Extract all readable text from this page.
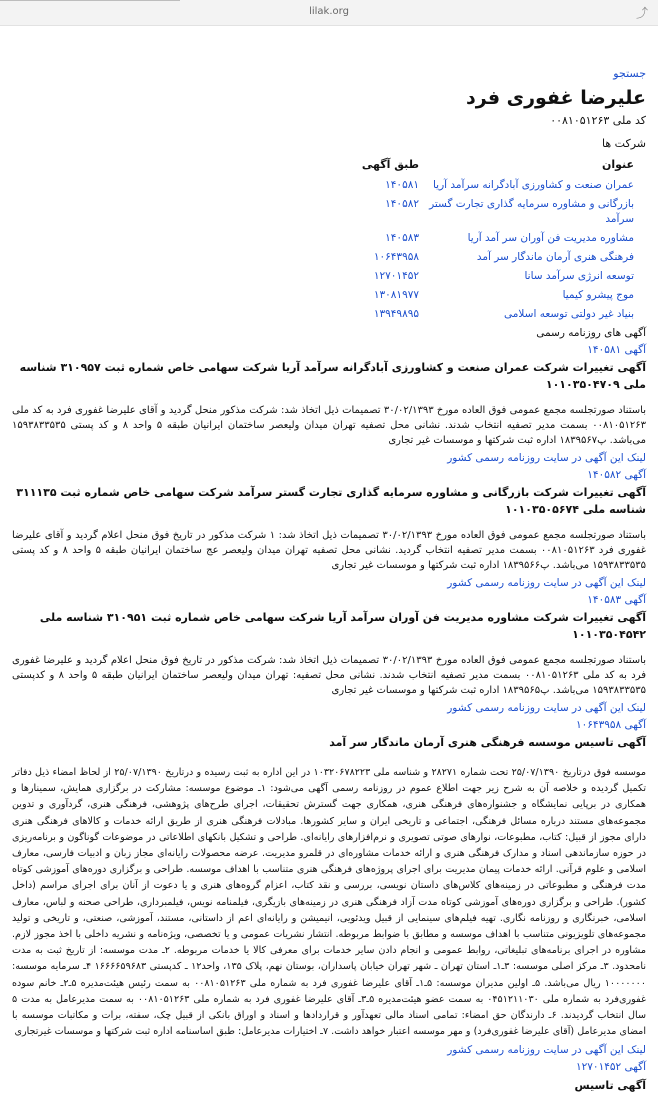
lilak.org	⤴
جستجو
علیرضا غفوری فرد
کد ملی ۰۰۸۱۰۵۱۲۶۳
شرکت ها
عنوان	طبق آگهی
عمران صنعت و کشاورزی آبادگرانه سرآمد آریا	۱۴۰۵۸۱
بازرگانی و مشاوره سرمایه گذاری تجارت گستر سرآمد	۱۴۰۵۸۲
مشاوره مدیریت فن آوران سر آمد آریا	۱۴۰۵۸۳
فرهنگی هنری آرمان ماندگار سر آمد	۱۰۶۴۳۹۵۸
توسعه انرژی سرآمد سانا	۱۲۷۰۱۴۵۲
موج پیشرو کیمیا	۱۳۰۸۱۹۷۷
بنیاد غیر دولتی توسعه اسلامی	۱۳۹۴۹۸۹۵
آگهی های روزنامه رسمی
آگهی ۱۴۰۵۸۱
آگهی تغییرات شرکت عمران صنعت و کشاورزی آبادگرانه سرآمد آریا شرکت سهامی خاص شماره ثبت ۳۱۰۹۵۷ شناسه ملی ۱۰۱۰۳۵۰۴۷۰۹
باستناد صورتجلسه مجمع عمومی فوق العاده مورخ ۳۰/۰۲/۱۳۹۳ تصمیمات ذیل اتخاذ شد: شرکت مذکور منحل گردید و آقای علیرضا غفوری فرد به کد ملی ۰۰۸۱۰۵۱۲۶۳ بسمت مدیر تصفیه انتخاب شدند. نشانی محل تصفیه تهران میدان ولیعصر ساختمان ایرانیان طبقه ۵ واحد ۸ و کد پستی ۱۵۹۳۸۳۳۵۳۵ می‌باشد. پ۱۸۳۹۵۶۷ اداره ثبت شرکتها و موسسات غیر تجاری
لینک این آگهی در سایت روزنامه رسمی کشور
آگهی ۱۴۰۵۸۲
آگهی تغییرات شرکت بازرگانی و مشاوره سرمایه گذاری تجارت گستر سرآمد شرکت سهامی خاص شماره ثبت ۳۱۱۱۳۵ شناسه ملی ۱۰۱۰۳۵۰۵۶۷۴
باستناد صورتجلسه مجمع عمومی فوق العاده مورخ ۳۰/۰۲/۱۳۹۳ تصمیمات ذیل اتخاذ شد: ۱ شرکت مذکور در تاریخ فوق منحل اعلام گردید و آقای علیرضا غفوری فرد ۰۰۸۱۰۵۱۲۶۳ بسمت مدیر تصفیه انتخاب گردید. نشانی محل تصفیه تهران میدان ولیعصر عج ساختمان ایرانیان طبقه ۵ واحد ۸ و کد پستی ۱۵۹۳۸۳۳۵۳۵ می‌باشد. پ۱۸۳۹۵۶۶ اداره ثبت شرکتها و موسسات غیر تجاری
لینک این آگهی در سایت روزنامه رسمی کشور
آگهی ۱۴۰۵۸۳
آگهی تغییرات شرکت مشاوره مدیریت فن آوران سرآمد آریا شرکت سهامی خاص شماره ثبت ۳۱۰۹۵۱ شناسه ملی ۱۰۱۰۳۵۰۴۵۴۲
باستناد صورتجلسه مجمع عمومی فوق العاده مورخ ۳۰/۰۲/۱۳۹۳ تصمیمات ذیل اتخاذ شد: شرکت مذکور در تاریخ فوق منحل اعلام گردید و علیرضا غفوری فرد به کد ملی ۰۰۸۱۰۵۱۲۶۳ بسمت مدیر تصفیه انتخاب شدند. نشانی محل تصفیه: تهران میدان ولیعصر ساختمان ایرانیان طبقه ۵ واحد ۸ و کدپستی ۱۵۹۳۸۳۳۵۳۵ می‌باشد. پ۱۸۳۹۵۶۵ اداره ثبت شرکتها و موسسات غیر تجاری
لینک این آگهی در سایت روزنامه رسمی کشور
آگهی ۱۰۶۴۳۹۵۸
آگهی تاسیس موسسه فرهنگی هنری آرمان ماندگار سر آمد
موسسه فوق درتاریخ ۲۵/۰۷/۱۳۹۰ تحت شماره ۲۸۲۷۱ و شناسه ملی ۱۰۳۲۰۶۷۸۲۲۳ در این اداره به ثبت رسیده و درتاریخ ۲۵/۰۷/۱۳۹۰ از لحاظ امضاء ذیل دفاتر تکمیل گردیده و خلاصه آن به شرح زیر جهت اطلاع عموم در روزنامه رسمی آگهی می‌شود: ۱ـ موضوع موسسه: مشارکت در برگزاری همایش، سمینارها و همکاری در برپایی نمایشگاه و جشنواره‌های فرهنگی هنری، همکاری جهت گسترش تحقیقات، اجرای طرح‌های پژوهشی، فرهنگی هنری، گردآوری و تدوین مجموعه‌های مستند درباره مسائل فرهنگی، اجتماعی و تاریخی ایران و سایر کشورها. مبادلات فرهنگی هنری از طریق ارائه خدمات و کالاهای فرهنگی هنری دارای مجوز از قبیل: کتاب، مطبوعات، نوارهای صوتی تصویری و نرم‌افزارهای رایانه‌ای. طراحی و تشکیل بانکهای اطلاعاتی در موضوعات گوناگون و برنامه‌ریزی در حوزه سازماندهی اسناد و مدارک فرهنگی هنری و ارائه خدمات مشاوره‌ای در قلمرو مدیریت. عرضه محصولات رایانه‌ای مجاز زبان و ادبیات فارسی، معارف اسلامی و علوم قرآنی. ارائه خدمات پیمان مدیریت برای اجرای پروژه‌های فرهنگی هنری متناسب با اهداف موسسه. طراحی و برگزاری دوره‌های آموزشی کوتاه مدت فرهنگی و مطبوعاتی در زمینه‌های کلاس‌های داستان نویسی، بررسی و نقد کتاب، اعزام گروه‌های هنری و یا دعوت از آنان برای اجرای مراسم (داخل کشور). طراحی و برگزاری دوره‌های آموزشی کوتاه مدت آزاد فرهنگی هنری در زمینه‌های بازیگری، فیلمنامه نویس، فیلمبرداری، طراحی صحنه و لباس، معارف اسلامی، خبرنگاری و روزنامه نگاری. تهیه فیلم‌های سینمایی از قبیل ویدئویی، انیمیشن و رایانه‌ای اعم از داستانی، مستند، آموزشی، صنعتی، و تاریخی و تولید مجموعه‌های تلویزیونی متناسب با اهداف موسسه و مطابق با ضوابط مربوطه. انتشار نشریات عمومی و یا تخصصی، ویژه‌نامه و نشریه داخلی با اخذ مجوز لازم. مشاوره در اجرای برنامه‌های تبلیغاتی، روابط عمومی و انجام دادن سایر خدمات برای معرفی کالا یا خدمات مربوطه. ۲ـ مدت موسسه: از تاریخ ثبت به مدت نامحدود. ۳ـ مرکز اصلی موسسه: ۳ـ۱ـ استان تهران ـ شهر تهران خیابان پاسداران، بوستان نهم، پلاک ۱۳۵، واحد۱۲ ـ کدپستی ۱۶۶۶۶۵۹۶۸۳ ۴ـ سرمایه موسسه: ۱۰۰۰۰۰۰۰ ریال می‌باشد. ۵ـ اولین مدیران موسسه: ۵ـ۱ـ آقای علیرضا غفوری فرد به شماره ملی ۰۰۸۱۰۵۱۲۶۳ به سمت رئیس هیئت‌مدیره ۵ـ۲ـ خانم سوده غفوری‌فرد به شماره ملی ۰۴۵۱۲۱۱۰۳۰ به سمت عضو هیئت‌مدیره ۵ـ۳ـ آقای علیرضا غفوری فرد به شماره ملی ۰۰۸۱۰۵۱۲۶۳ به سمت مدیرعامل به مدت ۵ سال انتخاب گردیدند. ۶ـ دارندگان حق امضاء: تمامی اسناد مالی تعهدآور و قراردادها و اسناد و اوراق بانکی از قبیل چک، سفته، برات و مکاتبات موسسه با امضای مدیرعامل (آقای علیرضا غفوری‌فرد) و مهر موسسه اعتبار خواهد داشت. ۷ـ اختیارات مدیرعامل: طبق اساسنامه اداره ثبت شرکتها و موسسات غیرتجاری
لینک این آگهی در سایت روزنامه رسمی کشور
آگهی ۱۲۷۰۱۴۵۲
آگهی تاسیس
